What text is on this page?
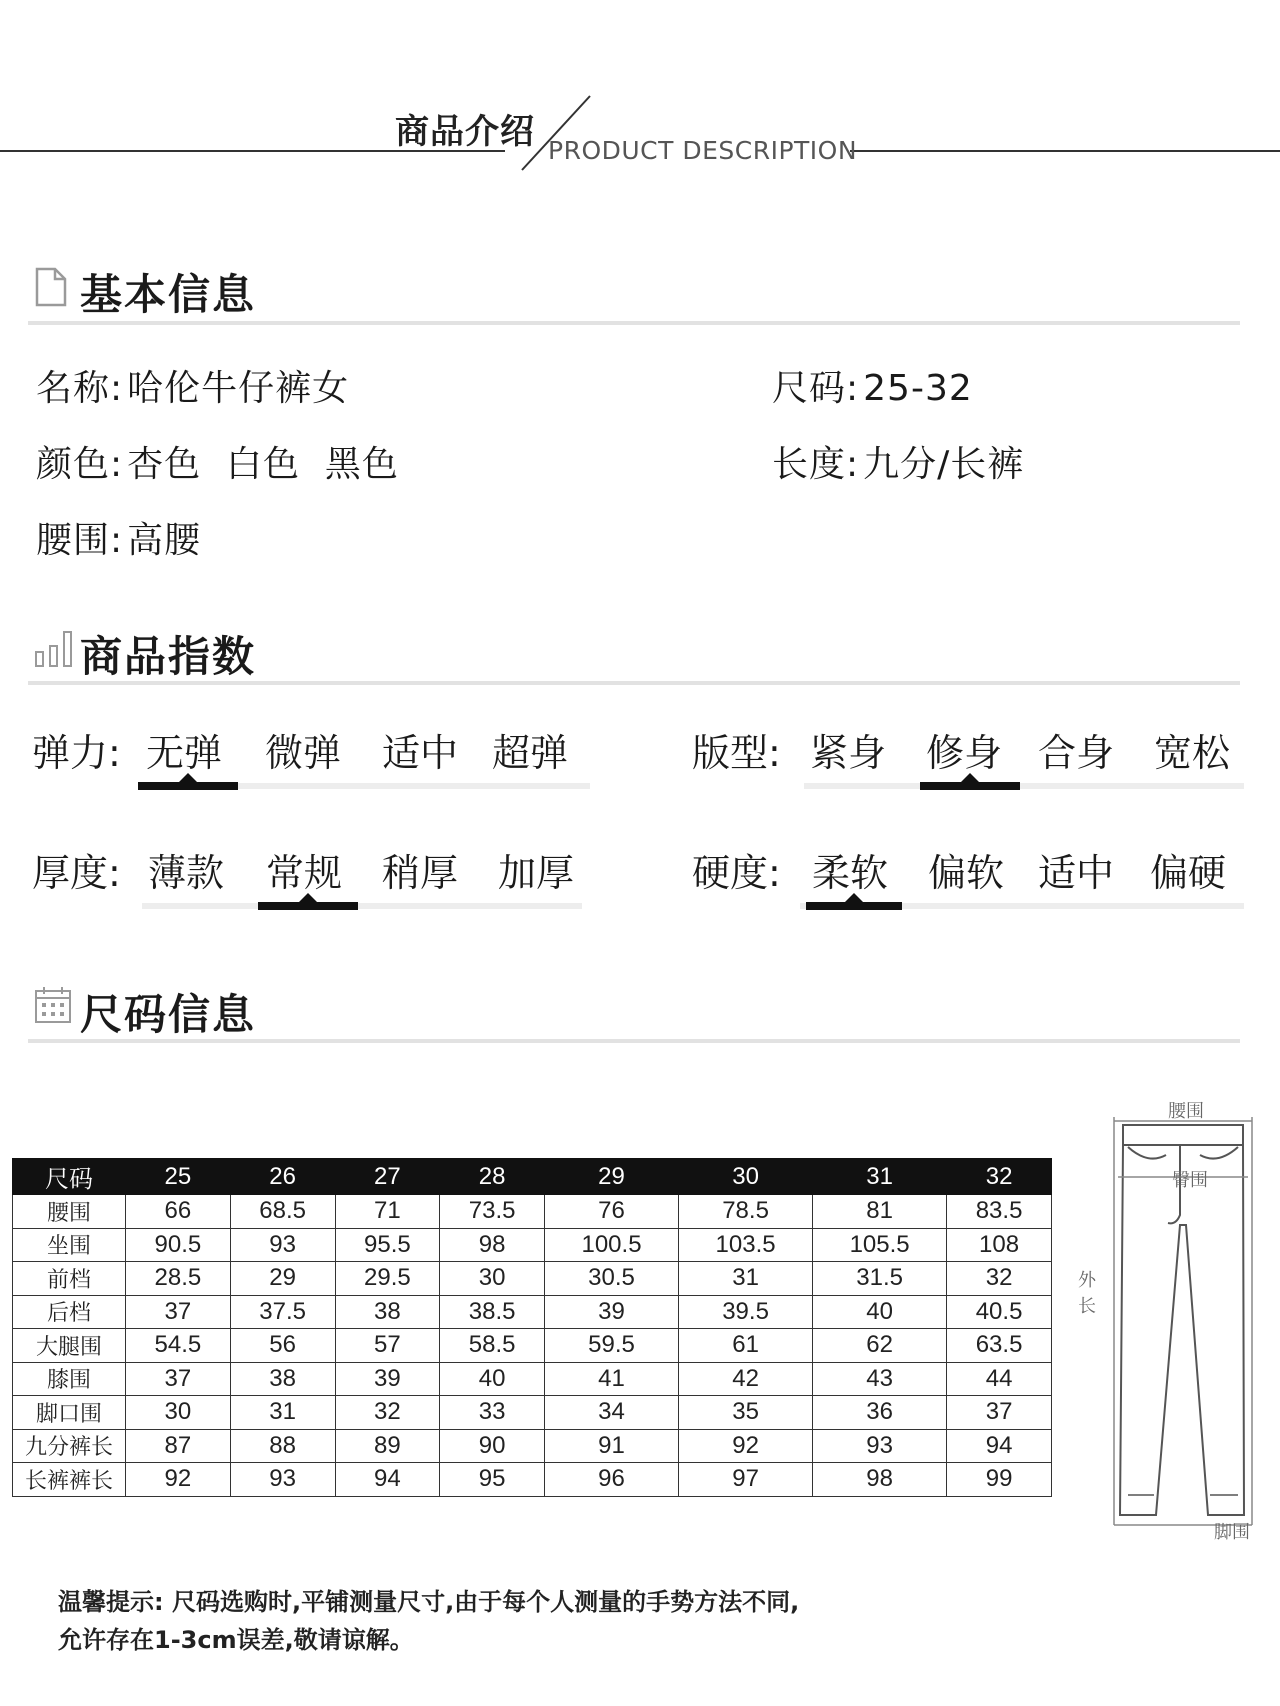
商品介绍 PRODUCT DESCRIPTION
基本信息
名称: 哈伦牛仔裤女	尺码: 25-32
颜色: 杏色  白色  黑色	长度: 九分/长裤
腰围: 高腰
商品指数
弹力: 无弹 微弹 适中 超弹	版型: 紧身 修身 合身 宽松
厚度: 薄款 常规 稍厚 加厚	硬度: 柔软 偏软 适中 偏硬
尺码信息
尺码	25	26	27	28	29	30	31	32
腰围	66	68.5	71	73.5	76	78.5	81	83.5
坐围	90.5	93	95.5	98	100.5	103.5	105.5	108
前档	28.5	29	29.5	30	30.5	31	31.5	32
后档	37	37.5	38	38.5	39	39.5	40	40.5
大腿围	54.5	56	57	58.5	59.5	61	62	63.5
膝围	37	38	39	40	41	42	43	44
脚口围	30	31	32	33	34	35	36	37
九分裤长	87	88	89	90	91	92	93	94
长裤裤长	92	93	94	95	96	97	98	99
腰围
臀围
外
长
脚围
温馨提示: 尺码选购时,平铺测量尺寸,由于每个人测量的手势方法不同,
允许存在1-3cm误差,敬请谅解。
